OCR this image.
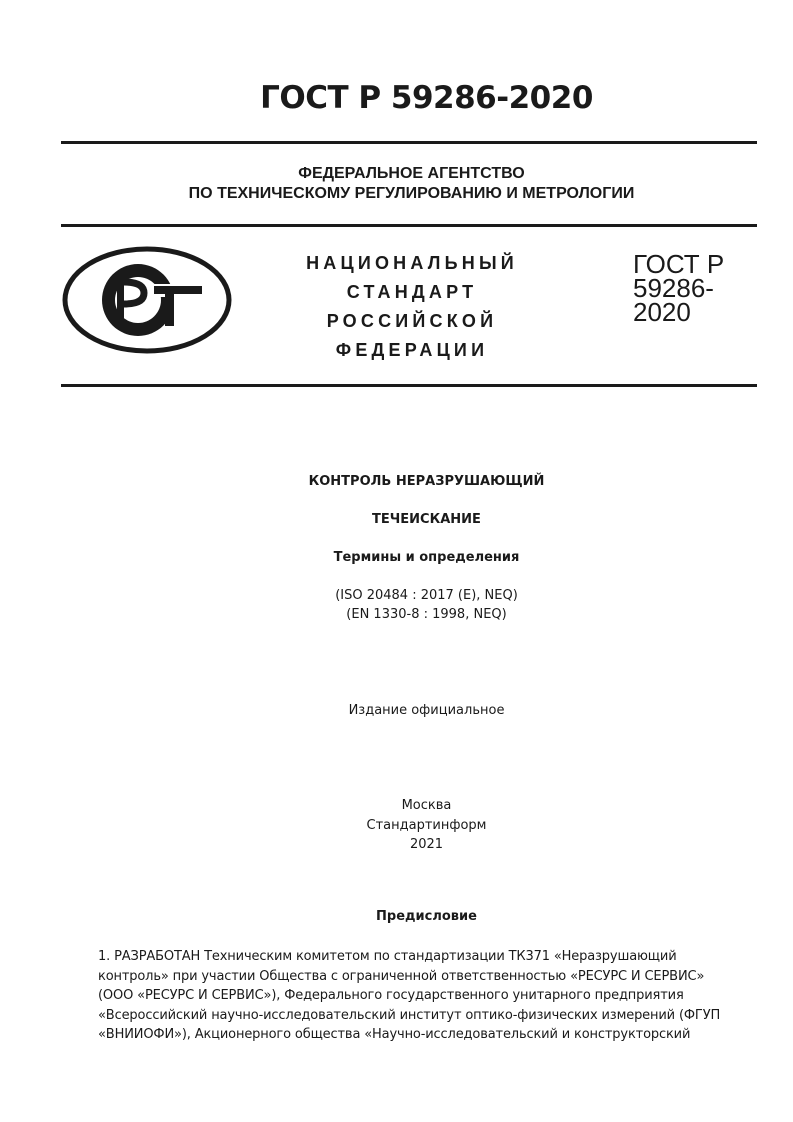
ГОСТ Р 59286-2020
ФЕДЕРАЛЬНОЕ АГЕНТСТВО
ПО ТЕХНИЧЕСКОМУ РЕГУЛИРОВАНИЮ И МЕТРОЛОГИИ
НАЦИОНАЛЬНЫЙ
СТАНДАРТ
РОССИЙСКОЙ
ФЕДЕРАЦИИ
ГОСТ Р
59286-
2020
КОНТРОЛЬ НЕРАЗРУШАЮЩИЙ
ТЕЧЕИСКАНИЕ
Термины и определения
(ISO 20484 : 2017 (E), NEQ)
(EN 1330-8 : 1998, NEQ)
Издание официальное
Москва
Стандартинформ
2021
Предисловие
1. РАЗРАБОТАН Техническим комитетом по стандартизации ТК371 «Неразрушающий
контроль» при участии Общества с ограниченной ответственностью «РЕСУРС И СЕРВИС»
(ООО «РЕСУРС И СЕРВИС»), Федерального государственного унитарного предприятия
«Всероссийский научно-исследовательский институт оптико-физических измерений (ФГУП
«ВНИИОФИ»), Акционерного общества «Научно-исследовательский и конструкторский
